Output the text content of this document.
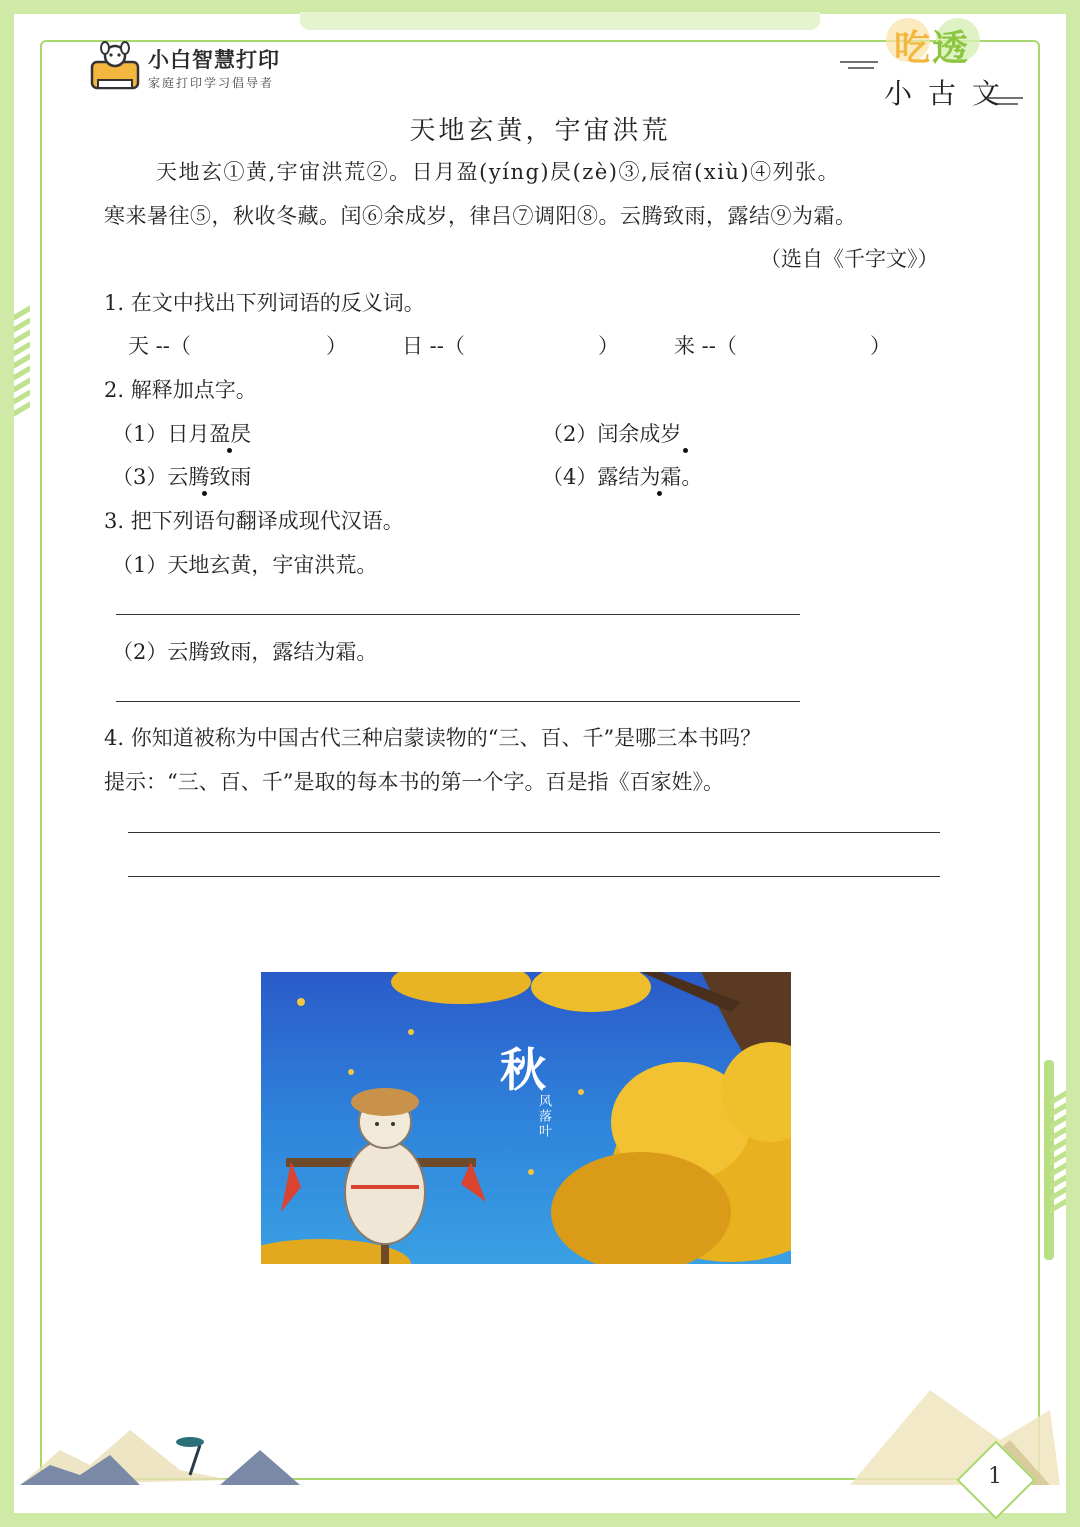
小白智慧打印
家庭打印学习倡导者
吃透
小古文
天地玄黄，宇宙洪荒
天地玄①黄,宇宙洪荒②。日月盈(yíng)昃(zè)③,辰宿(xiù)④列张。
寒来暑往⑤，秋收冬藏。闰⑥余成岁，律吕⑦调阳⑧。云腾致雨，露结⑨为霜。
（选自《千字文》）
1. 在文中找出下列词语的反义词。
天 --（	）	日 --（	）	来 --（	）
2. 解释加点字。
（1）日月盈昃	（2）闰余成岁
（3）云腾致雨	（4）露结为霜。
3. 把下列语句翻译成现代汉语。
（1）天地玄黄，宇宙洪荒。
（2）云腾致雨，露结为霜。
4. 你知道被称为中国古代三种启蒙读物的“三、百、千”是哪三本书吗？
提示：“三、百、千”是取的每本书的第一个字。百是指《百家姓》。
秋
风落叶
1
